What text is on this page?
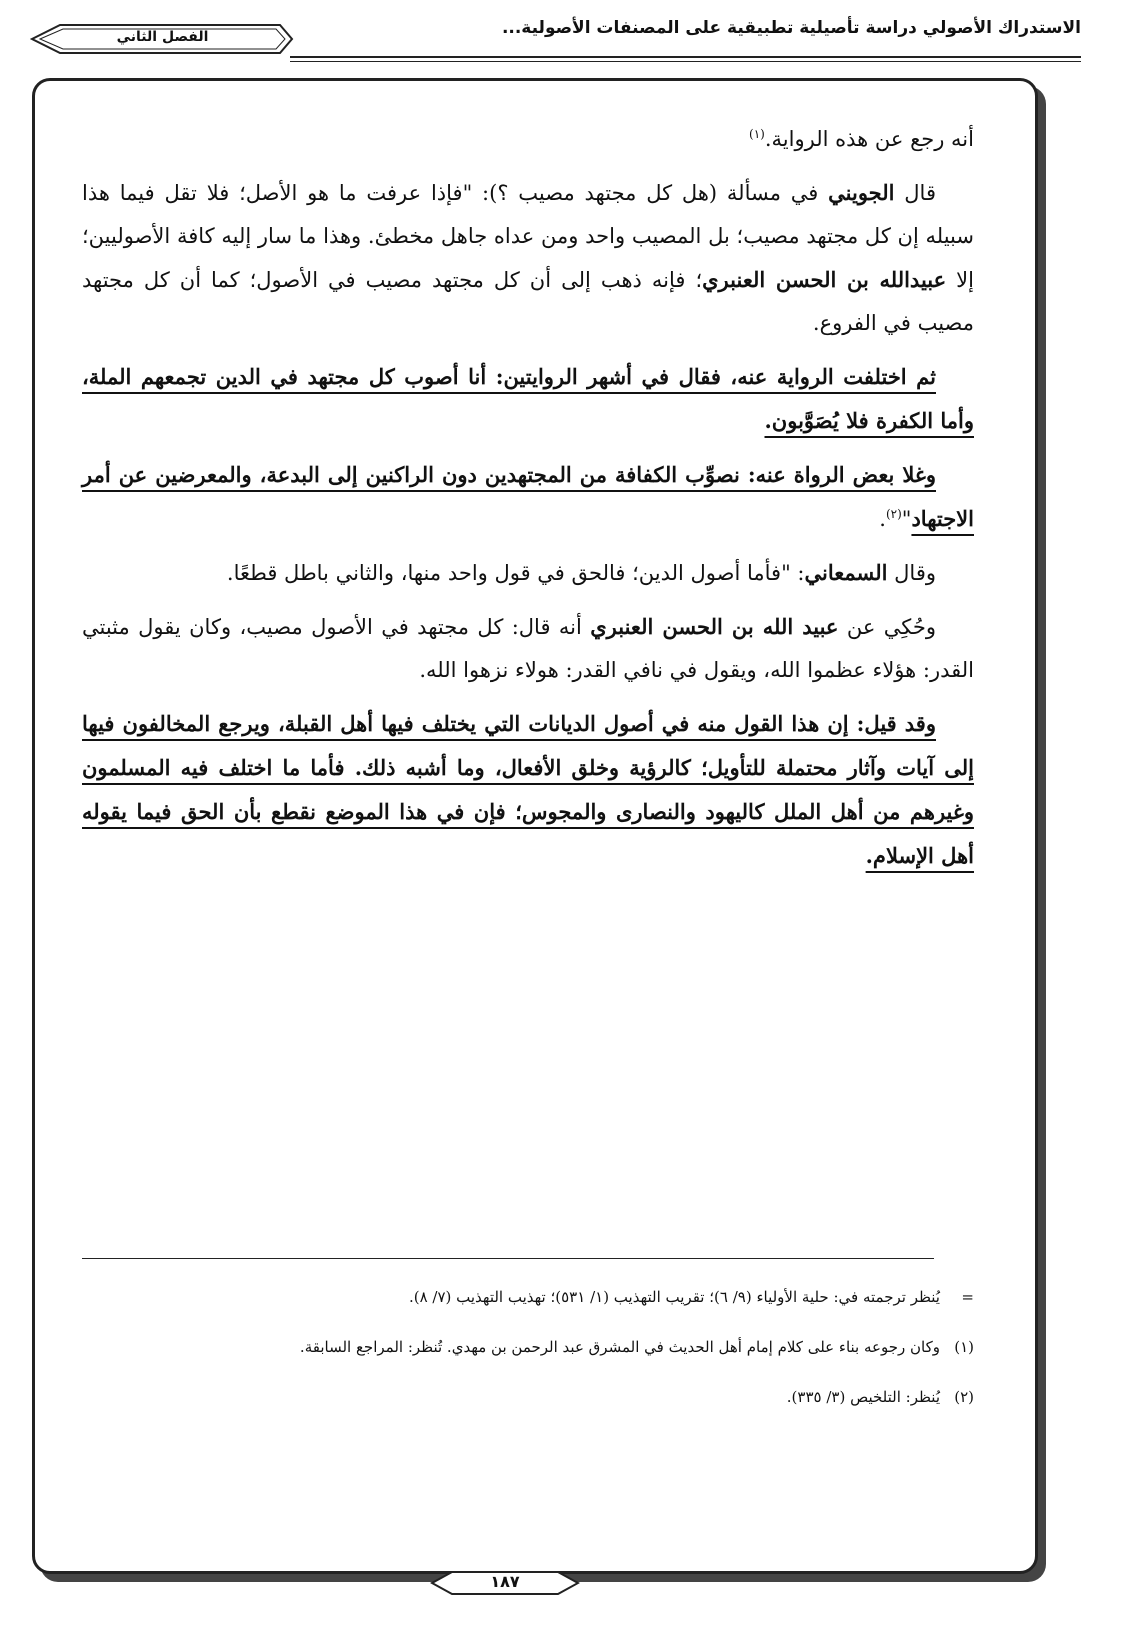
الاستدراك الأصولي دراسة تأصيلية تطبيقية على المصنفات الأصولية...
الفصل الثاني

أنه رجع عن هذه الرواية.$^{(١)}$

قال الجويني في مسألة (هل كل مجتهد مصيب ؟): "فإذا عرفت ما هو الأصل؛ فلا تقل فيما هذا سبيله إن كل مجتهد مصيب؛ بل المصيب واحد ومن عداه جاهل مخطئ. وهذا ما سار إليه كافة الأصوليين؛ إلا عبيدالله بن الحسن العنبري؛ فإنه ذهب إلى أن كل مجتهد مصيب في الأصول؛ كما أن كل مجتهد مصيب في الفروع.

ثم اختلفت الرواية عنه، فقال في أشهر الروايتين: أنا أصوب كل مجتهد في الدين تجمعهم الملة، وأما الكفرة فلا يُصَوَّبون.

وغلا بعض الرواة عنه: نصوِّب الكفافة من المجتهدين دون الراكنين إلى البدعة، والمعرضين عن أمر الاجتهاد"$^{(٢)}$.

وقال السمعاني: "فأما أصول الدين؛ فالحق في قول واحد منها، والثاني باطل قطعًا.

وحُكِي عن عبيد الله بن الحسن العنبري أنه قال: كل مجتهد في الأصول مصيب، وكان يقول مثبتي القدر: هؤلاء عظموا الله، ويقول في نافي القدر: هولاء نزهوا الله.

وقد قيل: إن هذا القول منه في أصول الديانات التي يختلف فيها أهل القبلة، ويرجع المخالفون فيها إلى آيات وآثار محتملة للتأويل؛ كالرؤية وخلق الأفعال، وما أشبه ذلك. فأما ما اختلف فيه المسلمون وغيرهم من أهل الملل كاليهود والنصارى والمجوس؛ فإن في هذا الموضع نقطع بأن الحق فيما يقوله أهل الإسلام.

=يُنظر ترجمته في: حلية الأولياء (٩/ ٦)؛ تقريب التهذيب (١/ ٥٣١)؛ تهذيب التهذيب (٧/ ٨).
(١)وكان رجوعه بناء على كلام إمام أهل الحديث في المشرق عبد الرحمن بن مهدي. تُنظر: المراجع السابقة.
(٢)يُنظر: التلخيص (٣/ ٣٣٥).
١٨٧
